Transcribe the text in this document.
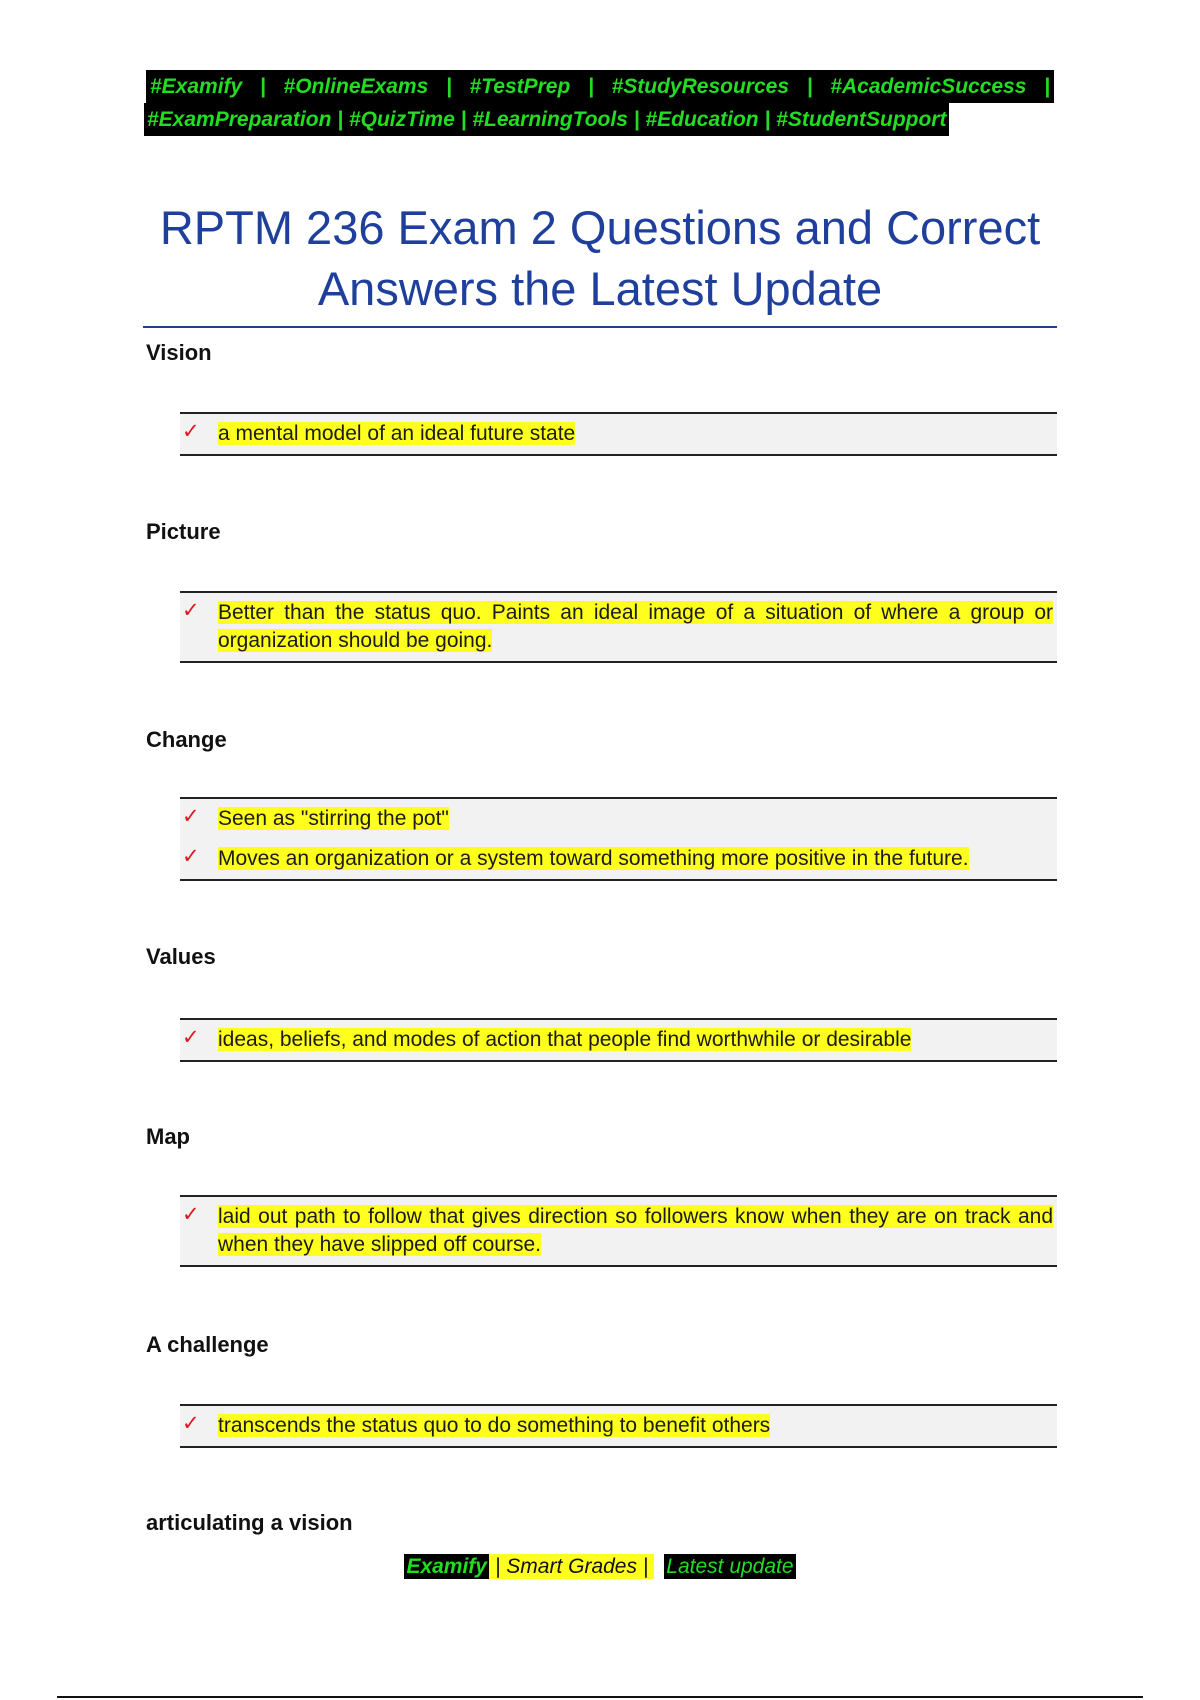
#Examify | #OnlineExams | #TestPrep | #StudyResources | #AcademicSuccess |
#ExamPreparation | #QuizTime | #LearningTools | #Education | #StudentSupport
RPTM 236 Exam 2 Questions and Correct Answers the Latest Update

Vision

✓ a mental model of an ideal future state

Picture

✓ Better than the status quo. Paints an ideal image of a situation of where a group or organization should be going.

Change

✓ Seen as "stirring the pot"
✓ Moves an organization or a system toward something more positive in the future.

Values

✓ ideas, beliefs, and modes of action that people find worthwhile or desirable

Map

✓ laid out path to follow that gives direction so followers know when they are on track and when they have slipped off course.

A challenge

✓ transcends the status quo to do something to benefit others

articulating a vision

Examify | Smart Grades | Latest update
